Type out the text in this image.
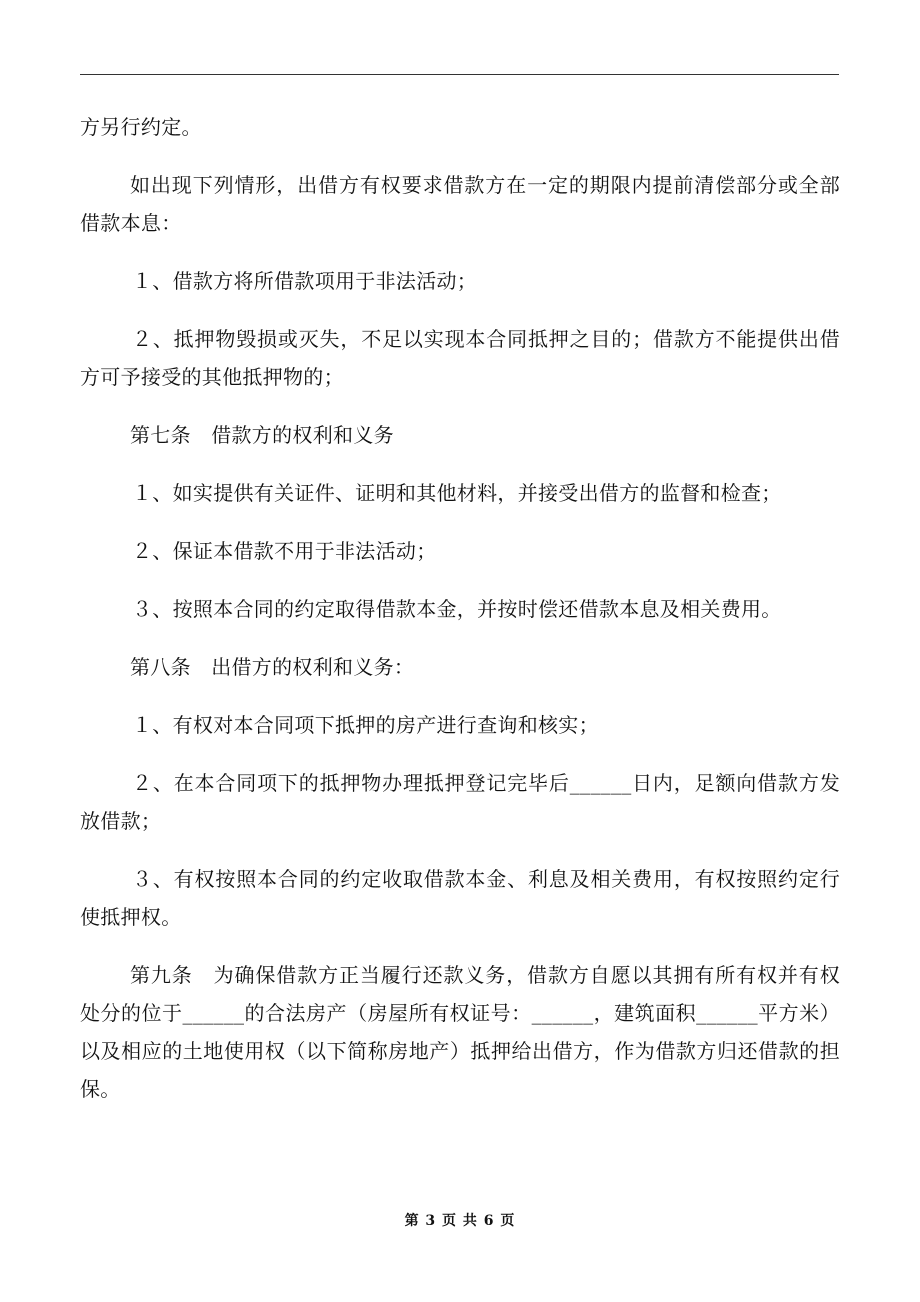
方另行约定。

如出现下列情形，出借方有权要求借款方在一定的期限内提前清偿部分或全部借款本息：

１、借款方将所借款项用于非法活动；

２、抵押物毁损或灭失，不足以实现本合同抵押之目的；借款方不能提供出借方可予接受的其他抵押物的；

第七条　借款方的权利和义务

１、如实提供有关证件、证明和其他材料，并接受出借方的监督和检查；

２、保证本借款不用于非法活动；

３、按照本合同的约定取得借款本金，并按时偿还借款本息及相关费用。

第八条　出借方的权利和义务：

１、有权对本合同项下抵押的房产进行查询和核实；

２、在本合同项下的抵押物办理抵押登记完毕后______日内，足额向借款方发放借款；

３、有权按照本合同的约定收取借款本金、利息及相关费用，有权按照约定行使抵押权。

第九条　为确保借款方正当履行还款义务，借款方自愿以其拥有所有权并有权处分的位于______的合法房产（房屋所有权证号：______，建筑面积______平方米）以及相应的土地使用权（以下简称房地产）抵押给出借方，作为借款方归还借款的担保。

第 3 页 共 6 页
